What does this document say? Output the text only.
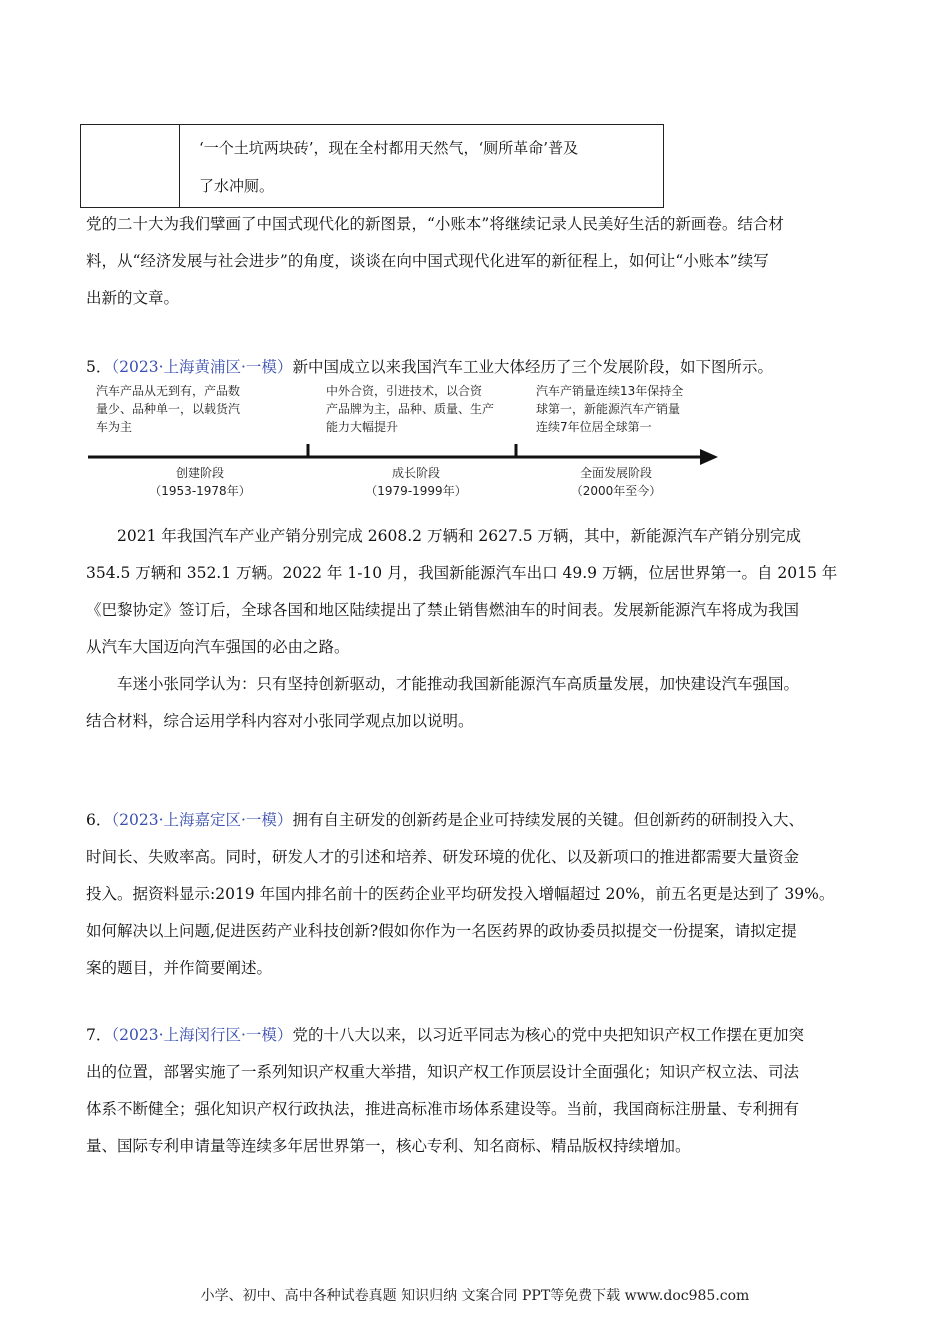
‘一个土坑两块砖’，现在全村都用天然气，‘厕所革命’普及
了水冲厕。
党的二十大为我们擘画了中国式现代化的新图景，“小账本”将继续记录人民美好生活的新画卷。结合材
料，从“经济发展与社会进步”的角度，谈谈在向中国式现代化进军的新征程上，如何让“小账本”续写
出新的文章。
5．（2023·上海黄浦区·一模）新中国成立以来我国汽车工业大体经历了三个发展阶段，如下图所示。
汽车产品从无到有，产品数
量少、品种单一，以载货汽
车为主
中外合资，引进技术，以合资
产品牌为主，品种、质量、生产
能力大幅提升
汽车产销量连续13年保持全
球第一，新能源汽车产销量
连续7年位居全球第一
创建阶段
（1953-1978年）
成长阶段
（1979-1999年）
全面发展阶段
（2000年至今）
2021 年我国汽车产业产销分别完成 2608.2 万辆和 2627.5 万辆，其中，新能源汽车产销分别完成
354.5 万辆和 352.1 万辆。2022 年 1-10 月，我国新能源汽车出口 49.9 万辆，位居世界第一。自 2015 年
《巴黎协定》签订后，全球各国和地区陆续提出了禁止销售燃油车的时间表。发展新能源汽车将成为我国
从汽车大国迈向汽车强国的必由之路。
车迷小张同学认为：只有坚持创新驱动，才能推动我国新能源汽车高质量发展，加快建设汽车强国。
结合材料，综合运用学科内容对小张同学观点加以说明。
6．（2023·上海嘉定区·一模）拥有自主研发的创新药是企业可持续发展的关键。但创新药的研制投入大、
时间长、失败率高。同时，研发人才的引述和培养、研发环境的优化、以及新项口的推进都需要大量资金
投入。据资料显示:2019 年国内排名前十的医药企业平均研发投入增幅超过 20%，前五名更是达到了 39%。
如何解决以上问题,促进医药产业科技创新?假如你作为一名医药界的政协委员拟提交一份提案，请拟定提
案的题目，并作简要阐述。
7．（2023·上海闵行区·一模）党的十八大以来，以习近平同志为核心的党中央把知识产权工作摆在更加突
出的位置，部署实施了一系列知识产权重大举措，知识产权工作顶层设计全面强化；知识产权立法、司法
体系不断健全；强化知识产权行政执法，推进高标准市场体系建设等。当前，我国商标注册量、专利拥有
量、国际专利申请量等连续多年居世界第一，核心专利、知名商标、精品版权持续增加。
小学、初中、高中各种试卷真题 知识归纳 文案合同 PPT等免费下载 www.doc985.com
